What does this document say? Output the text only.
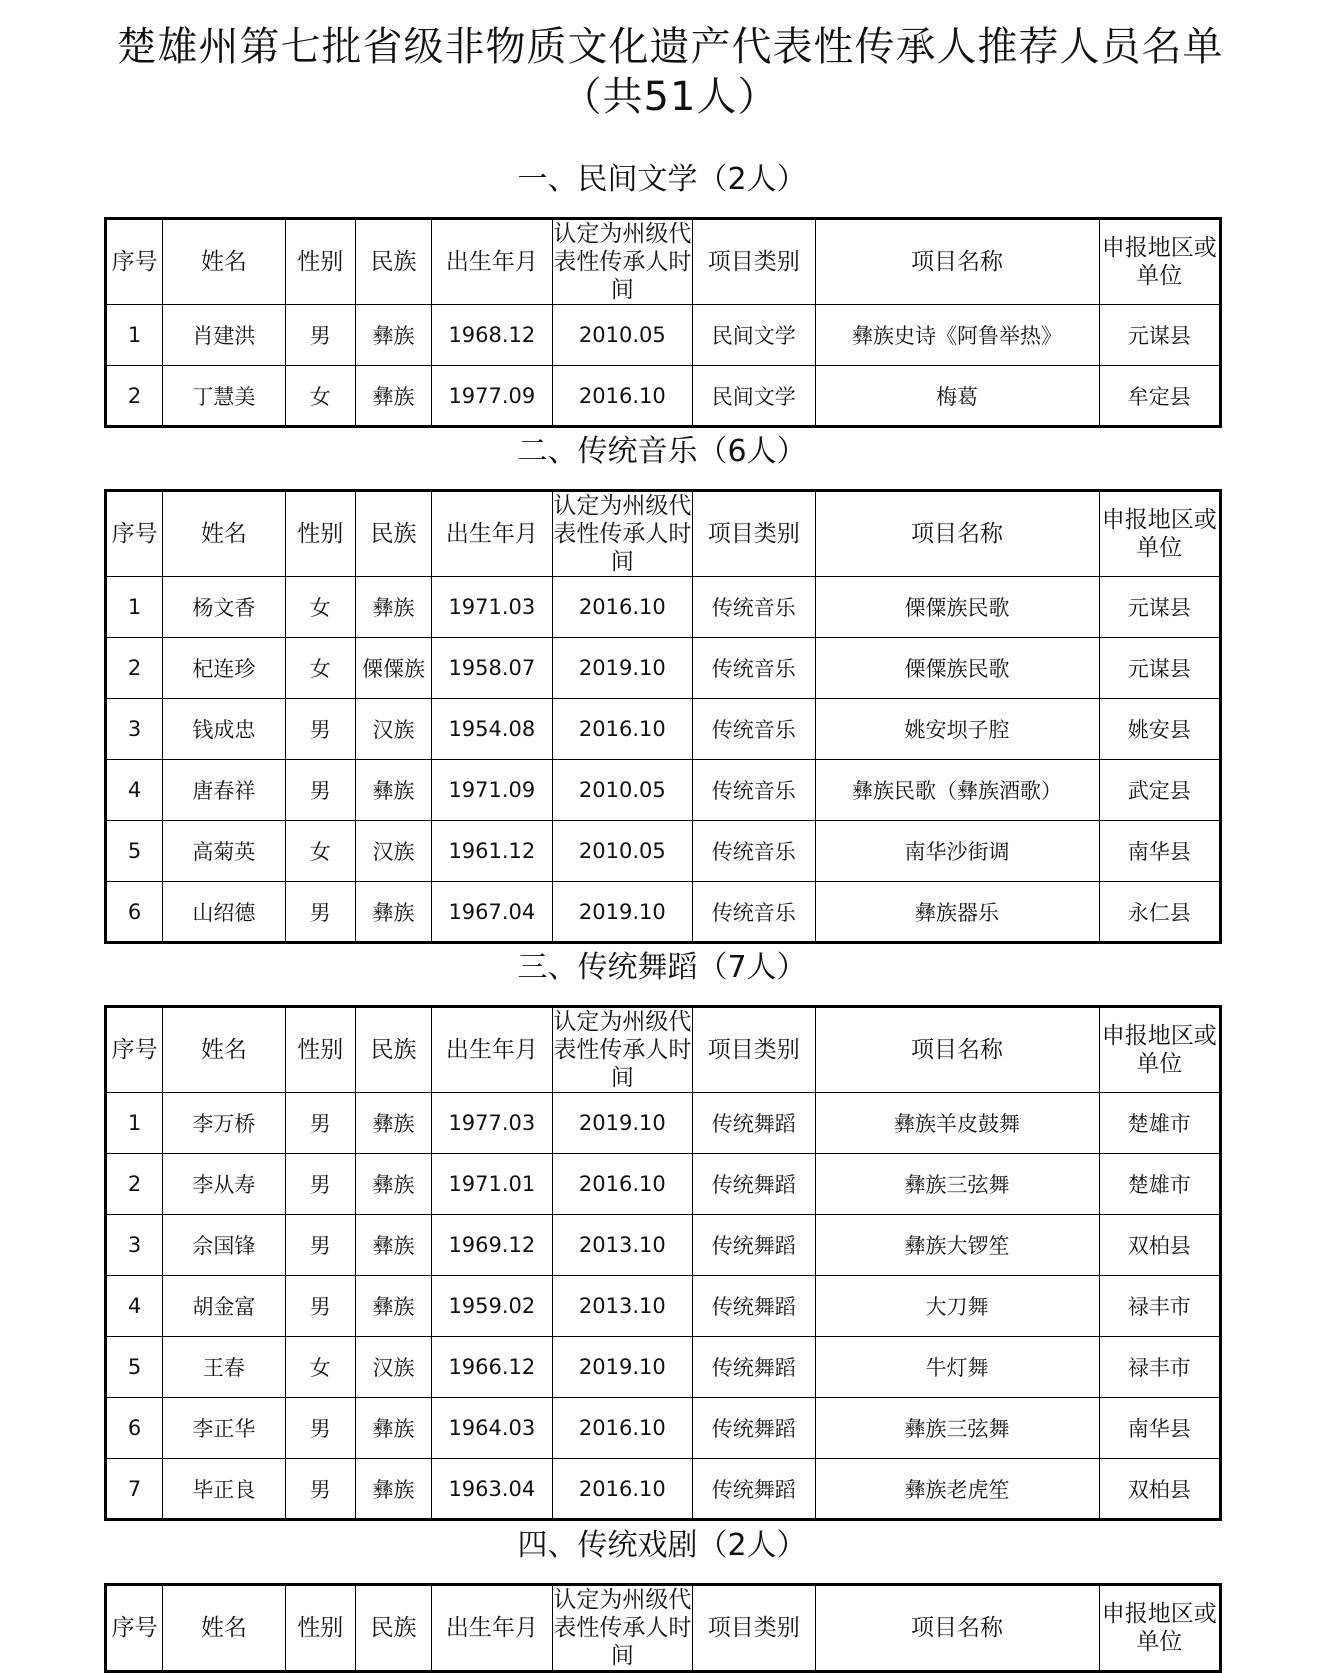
楚雄州第七批省级非物质文化遗产代表性传承人推荐人员名单（共51人）
一、民间文学（2人）
序号	姓名	性别	民族	出生年月	认定为州级代表性传承人时间	项目类别	项目名称	申报地区或单位
1	肖建洪	男	彝族	1968.12	2010.05	民间文学	彝族史诗《阿鲁举热》	元谋县
2	丁慧美	女	彝族	1977.09	2016.10	民间文学	梅葛	牟定县
二、传统音乐（6人）
序号	姓名	性别	民族	出生年月	认定为州级代表性传承人时间	项目类别	项目名称	申报地区或单位
1	杨文香	女	彝族	1971.03	2016.10	传统音乐	傈僳族民歌	元谋县
2	杞连珍	女	傈僳族	1958.07	2019.10	传统音乐	傈僳族民歌	元谋县
3	钱成忠	男	汉族	1954.08	2016.10	传统音乐	姚安坝子腔	姚安县
4	唐春祥	男	彝族	1971.09	2010.05	传统音乐	彝族民歌（彝族酒歌）	武定县
5	高菊英	女	汉族	1961.12	2010.05	传统音乐	南华沙街调	南华县
6	山绍德	男	彝族	1967.04	2019.10	传统音乐	彝族器乐	永仁县
三、传统舞蹈（7人）
序号	姓名	性别	民族	出生年月	认定为州级代表性传承人时间	项目类别	项目名称	申报地区或单位
1	李万桥	男	彝族	1977.03	2019.10	传统舞蹈	彝族羊皮鼓舞	楚雄市
2	李从寿	男	彝族	1971.01	2016.10	传统舞蹈	彝族三弦舞	楚雄市
3	佘国锋	男	彝族	1969.12	2013.10	传统舞蹈	彝族大锣笙	双柏县
4	胡金富	男	彝族	1959.02	2013.10	传统舞蹈	大刀舞	禄丰市
5	王春	女	汉族	1966.12	2019.10	传统舞蹈	牛灯舞	禄丰市
6	李正华	男	彝族	1964.03	2016.10	传统舞蹈	彝族三弦舞	南华县
7	毕正良	男	彝族	1963.04	2016.10	传统舞蹈	彝族老虎笙	双柏县
四、传统戏剧（2人）
序号	姓名	性别	民族	出生年月	认定为州级代表性传承人时间	项目类别	项目名称	申报地区或单位
